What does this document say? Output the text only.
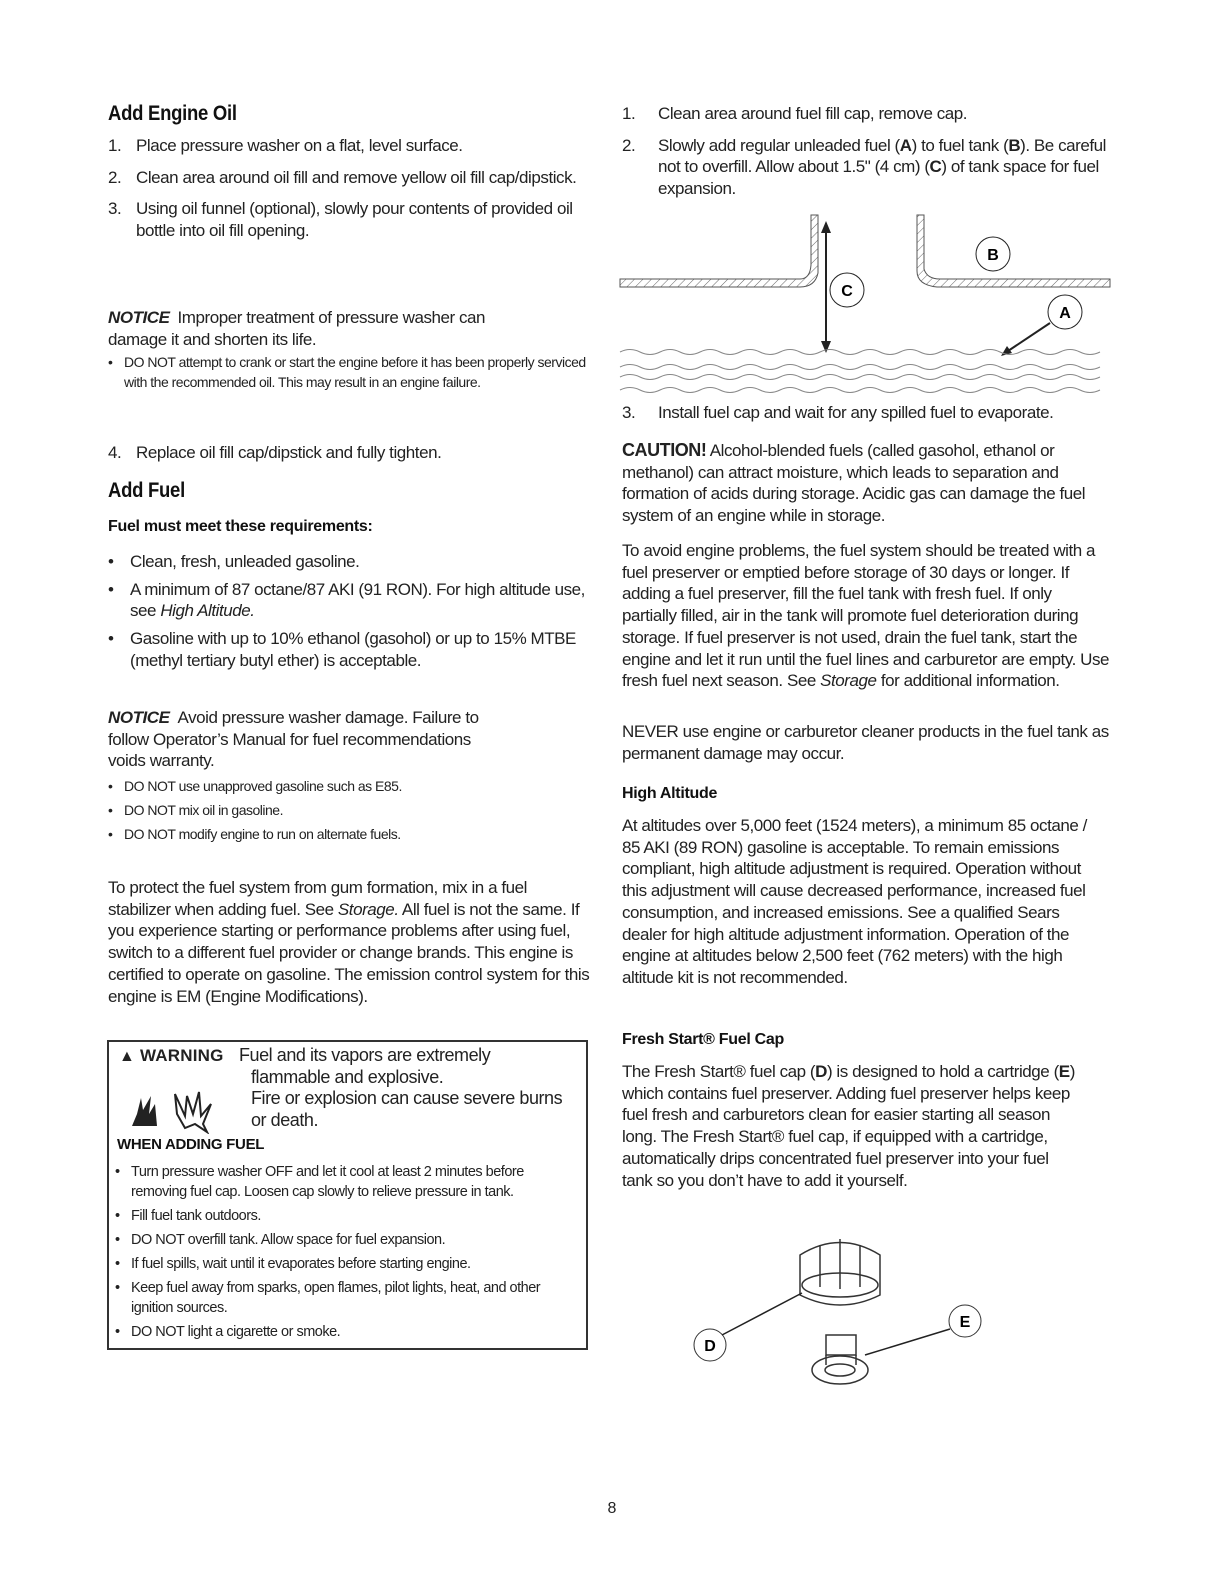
Add Engine Oil
1. Place pressure washer on a flat, level surface.
2. Clean area around oil fill and remove yellow oil fill cap/dipstick.
3. Using oil funnel (optional), slowly pour contents of provided oil bottle into oil fill opening.
NOTICE Improper treatment of pressure washer can damage it and shorten its life.
• DO NOT attempt to crank or start the engine before it has been properly serviced with the recommended oil. This may result in an engine failure.
4. Replace oil fill cap/dipstick and fully tighten.
Add Fuel
Fuel must meet these requirements:
• Clean, fresh, unleaded gasoline.
• A minimum of 87 octane/87 AKI (91 RON). For high altitude use, see High Altitude.
• Gasoline with up to 10% ethanol (gasohol) or up to 15% MTBE (methyl tertiary butyl ether) is acceptable.
NOTICE Avoid pressure washer damage. Failure to follow Operator’s Manual for fuel recommendations voids warranty.
• DO NOT use unapproved gasoline such as E85.
• DO NOT mix oil in gasoline.
• DO NOT modify engine to run on alternate fuels.
To protect the fuel system from gum formation, mix in a fuel stabilizer when adding fuel. See Storage. All fuel is not the same. If you experience starting or performance problems after using fuel, switch to a different fuel provider or change brands. This engine is certified to operate on gasoline. The emission control system for this engine is EM (Engine Modifications).
▲ WARNING Fuel and its vapors are extremely
flammable and explosive.
Fire or explosion can cause severe burns
or death.
WHEN ADDING FUEL
• Turn pressure washer OFF and let it cool at least 2 minutes before removing fuel cap. Loosen cap slowly to relieve pressure in tank.
• Fill fuel tank outdoors.
• DO NOT overfill tank. Allow space for fuel expansion.
• If fuel spills, wait until it evaporates before starting engine.
• Keep fuel away from sparks, open flames, pilot lights, heat, and other ignition sources.
• DO NOT light a cigarette or smoke.
1.	Clean area around fuel fill cap, remove cap.
2.	Slowly add regular unleaded fuel (A) to fuel tank (B). Be careful not to overfill. Allow about 1.5" (4 cm) (C) of tank space for fuel expansion.
C
B
A
3.	Install fuel cap and wait for any spilled fuel to evaporate.
CAUTION! Alcohol-blended fuels (called gasohol, ethanol or methanol) can attract moisture, which leads to separation and formation of acids during storage. Acidic gas can damage the fuel system of an engine while in storage.
To avoid engine problems, the fuel system should be treated with a fuel preserver or emptied before storage of 30 days or longer. If adding a fuel preserver, fill the fuel tank with fresh fuel. If only partially filled, air in the tank will promote fuel deterioration during storage. If fuel preserver is not used, drain the fuel tank, start the engine and let it run until the fuel lines and carburetor are empty. Use fresh fuel next season. See Storage for additional information.
NEVER use engine or carburetor cleaner products in the fuel tank as permanent damage may occur.
High Altitude
At altitudes over 5,000 feet (1524 meters), a minimum 85 octane / 85 AKI (89 RON) gasoline is acceptable. To remain emissions compliant, high altitude adjustment is required. Operation without this adjustment will cause decreased performance, increased fuel consumption, and increased emissions. See a qualified Sears dealer for high altitude adjustment information. Operation of the engine at altitudes below 2,500 feet (762 meters) with the high altitude kit is not recommended.
Fresh Start® Fuel Cap
The Fresh Start® fuel cap (D) is designed to hold a cartridge (E) which contains fuel preserver. Adding fuel preserver helps keep fuel fresh and carburetors clean for easier starting all season long. The Fresh Start® fuel cap, if equipped with a cartridge, automatically drips concentrated fuel preserver into your fuel tank so you don’t have to add it yourself.
D
E
8
